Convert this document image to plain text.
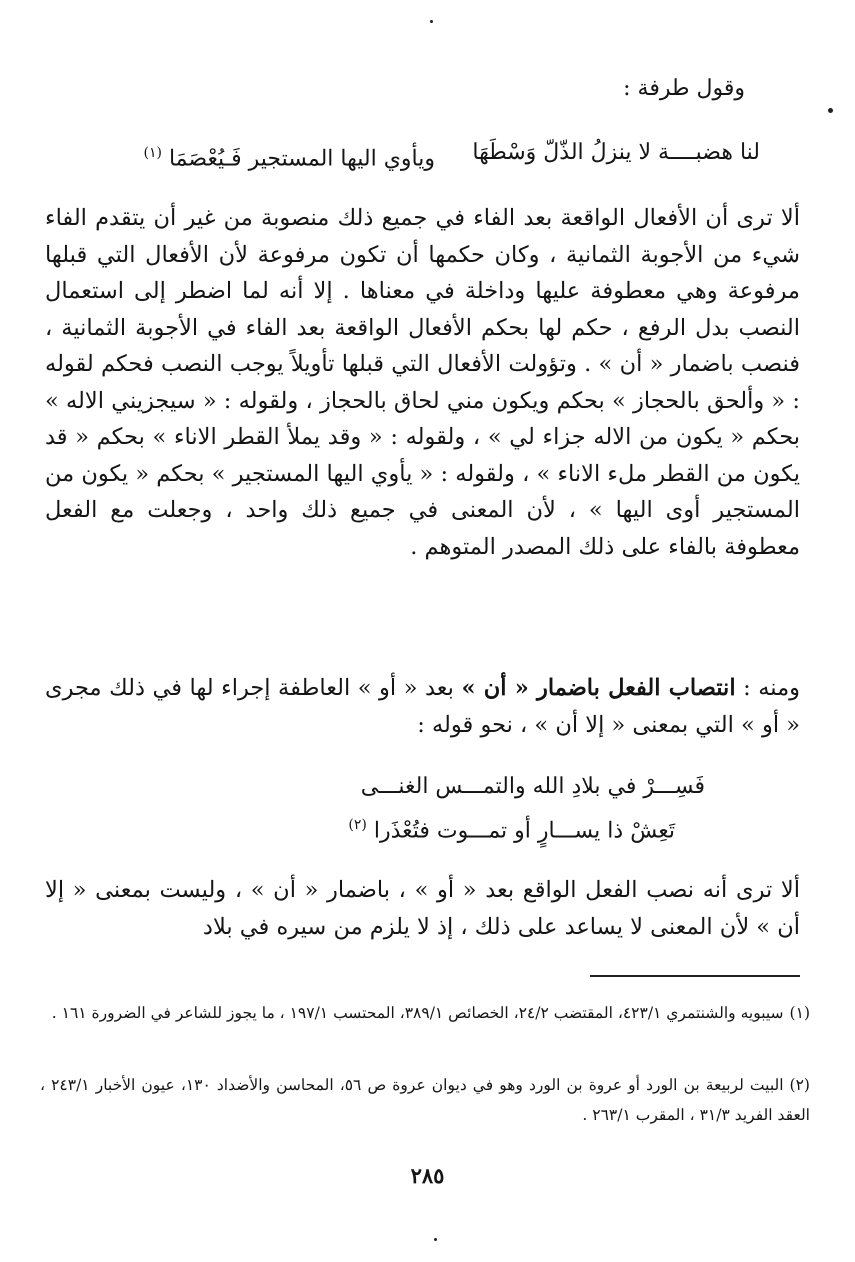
وقول طرفة :
لنا هضبــــة لا ينزلُ الذّلّ وَسْطَهَا
ويأوي اليها المستجير فَـيُعْصَمَا $^{(١)}$

ألا ترى أن الأفعال الواقعة بعد الفاء في جميع ذلك منصوبة من غير أن يتقدم الفاء شيء من الأجوبة الثمانية ، وكان حكمها أن تكون مرفوعة لأن الأفعال التي قبلها مرفوعة وهي معطوفة عليها وداخلة في معناها . إلا أنه لما اضطر إلى استعمال النصب بدل الرفع ، حكم لها بحكم الأفعال الواقعة بعد الفاء في الأجوبة الثمانية ، فنصب باضمار « أن » . وتؤولت الأفعال التي قبلها تأويلاً يوجب النصب فحكم لقوله : « وألحق بالحجاز » بحكم ويكون مني لحاق بالحجاز ، ولقوله : « سيجزيني الاله » بحكم « يكون من الاله جزاء لي » ، ولقوله : « وقد يملأ القطر الاناء » بحكم « قد يكون من القطر ملء الاناء » ، ولقوله : « يأوي اليها المستجير » بحكم « يكون من المستجير أوى اليها » ، لأن المعنى في جميع ذلك واحد ، وجعلت مع الفعل معطوفة بالفاء على ذلك المصدر المتوهم .

ومنه : انتصاب الفعل باضمار « أن » بعد « أو » العاطفة إجراء لها في ذلك مجرى « أو » التي بمعنى « إلا أن » ، نحو قوله :

فَسِـــرْ في بلادِ الله والتمـــس الغنـــى
تَعِشْ ذا يســـارٍ أو تمـــوت فتُعْذَرا $^{(٢)}$

ألا ترى أنه نصب الفعل الواقع بعد « أو » ، باضمار « أن » ، وليست بمعنى « إلا أن » لأن المعنى لا يساعد على ذلك ، إذ لا يلزم من سيره في بلاد

(١)سيبويه والشنتمري ٤٢٣/١، المقتضب ٢٤/٢، الخصائص ٣٨٩/١، المحتسب ١٩٧/١ ، ما يجوز للشاعر في الضرورة ١٦١ .

(٢)البيت لربيعة بن الورد أو عروة بن الورد وهو في ديوان عروة ص ٥٦، المحاسن والأضداد ١٣٠، عيون الأخبار ٢٤٣/١ ، العقد الفريد ٣١/٣ ، المقرب ٢٦٣/١ .

٢٨٥
